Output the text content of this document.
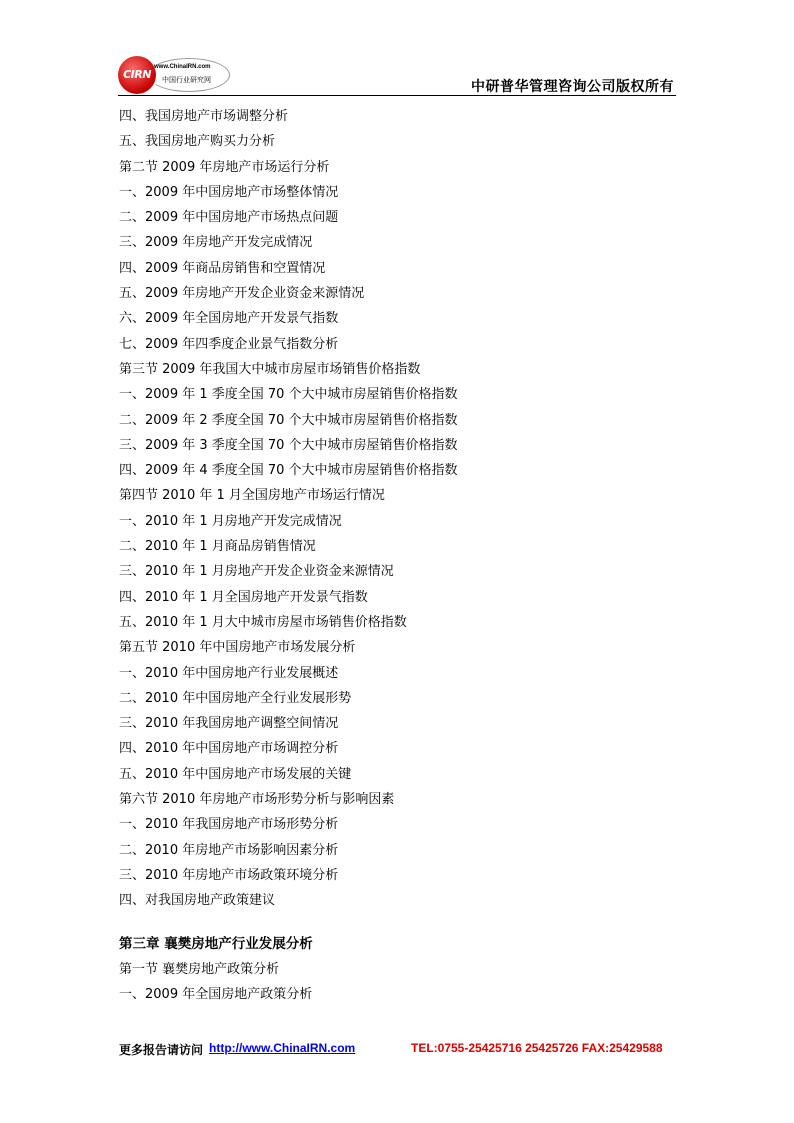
CIRN
www.ChinaIRN.com
中国行业研究网	中研普华管理咨询公司版权所有
四、我国房地产市场调整分析
五、我国房地产购买力分析
第二节 2009 年房地产市场运行分析
一、2009 年中国房地产市场整体情况
二、2009 年中国房地产市场热点问题
三、2009 年房地产开发完成情况
四、2009 年商品房销售和空置情况
五、2009 年房地产开发企业资金来源情况
六、2009 年全国房地产开发景气指数
七、2009 年四季度企业景气指数分析
第三节 2009 年我国大中城市房屋市场销售价格指数
一、2009 年 1 季度全国 70 个大中城市房屋销售价格指数
二、2009 年 2 季度全国 70 个大中城市房屋销售价格指数
三、2009 年 3 季度全国 70 个大中城市房屋销售价格指数
四、2009 年 4 季度全国 70 个大中城市房屋销售价格指数
第四节 2010 年 1 月全国房地产市场运行情况
一、2010 年 1 月房地产开发完成情况
二、2010 年 1 月商品房销售情况
三、2010 年 1 月房地产开发企业资金来源情况
四、2010 年 1 月全国房地产开发景气指数
五、2010 年 1 月大中城市房屋市场销售价格指数
第五节 2010 年中国房地产市场发展分析
一、2010 年中国房地产行业发展概述
二、2010 年中国房地产全行业发展形势
三、2010 年我国房地产调整空间情况
四、2010 年中国房地产市场调控分析
五、2010 年中国房地产市场发展的关键
第六节 2010 年房地产市场形势分析与影响因素
一、2010 年我国房地产市场形势分析
二、2010 年房地产市场影响因素分析
三、2010 年房地产市场政策环境分析
四、对我国房地产政策建议
第三章 襄樊房地产行业发展分析
第一节 襄樊房地产政策分析
一、2009 年全国房地产政策分析
更多报告请访问 http://www.ChinaIRN.com	TEL:0755-25425716 25425726 FAX:25429588
